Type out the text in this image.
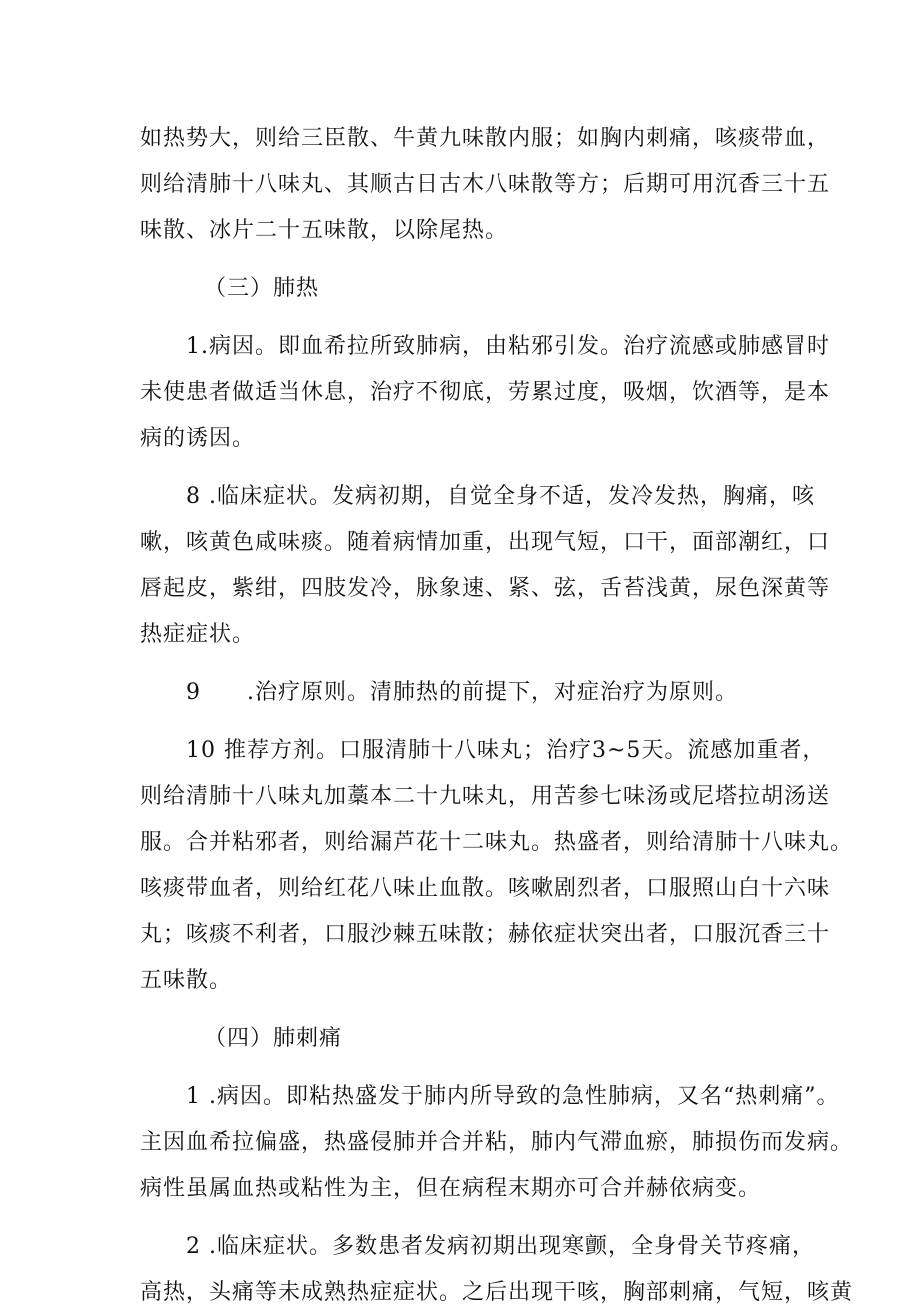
如热势大，则给三臣散、牛黄九味散内服；如胸内刺痛，咳痰带血，
则给清肺十八味丸、其顺古日古木八味散等方；后期可用沉香三十五
味散、冰片二十五味散，以除尾热。
（三）肺热
1.病因。即血希拉所致肺病，由粘邪引发。治疗流感或肺感冒时
未使患者做适当休息，治疗不彻底，劳累过度，吸烟，饮酒等，是本
病的诱因。
8 .临床症状。发病初期，自觉全身不适，发冷发热，胸痛，咳
嗽，咳黄色咸味痰。随着病情加重，出现气短，口干，面部潮红，口
唇起皮，紫绀，四肢发冷，脉象速、紧、弦，舌苔浅黄，尿色深黄等
热症症状。
9　　.治疗原则。清肺热的前提下，对症治疗为原则。
10 推荐方剂。口服清肺十八味丸；治疗3~5天。流感加重者，
则给清肺十八味丸加藁本二十九味丸，用苦参七味汤或尼塔拉胡汤送
服。合并粘邪者，则给漏芦花十二味丸。热盛者，则给清肺十八味丸。
咳痰带血者，则给红花八味止血散。咳嗽剧烈者，口服照山白十六味
丸；咳痰不利者，口服沙棘五味散；赫依症状突出者，口服沉香三十
五味散。
（四）肺刺痛
1 .病因。即粘热盛发于肺内所导致的急性肺病，又名“热刺痛”。
主因血希拉偏盛，热盛侵肺并合并粘，肺内气滞血瘀，肺损伤而发病。
病性虽属血热或粘性为主，但在病程末期亦可合并赫依病变。
2 .临床症状。多数患者发病初期出现寒颤，全身骨关节疼痛，
高热，头痛等未成熟热症症状。之后出现干咳，胸部刺痛，气短，咳黄
